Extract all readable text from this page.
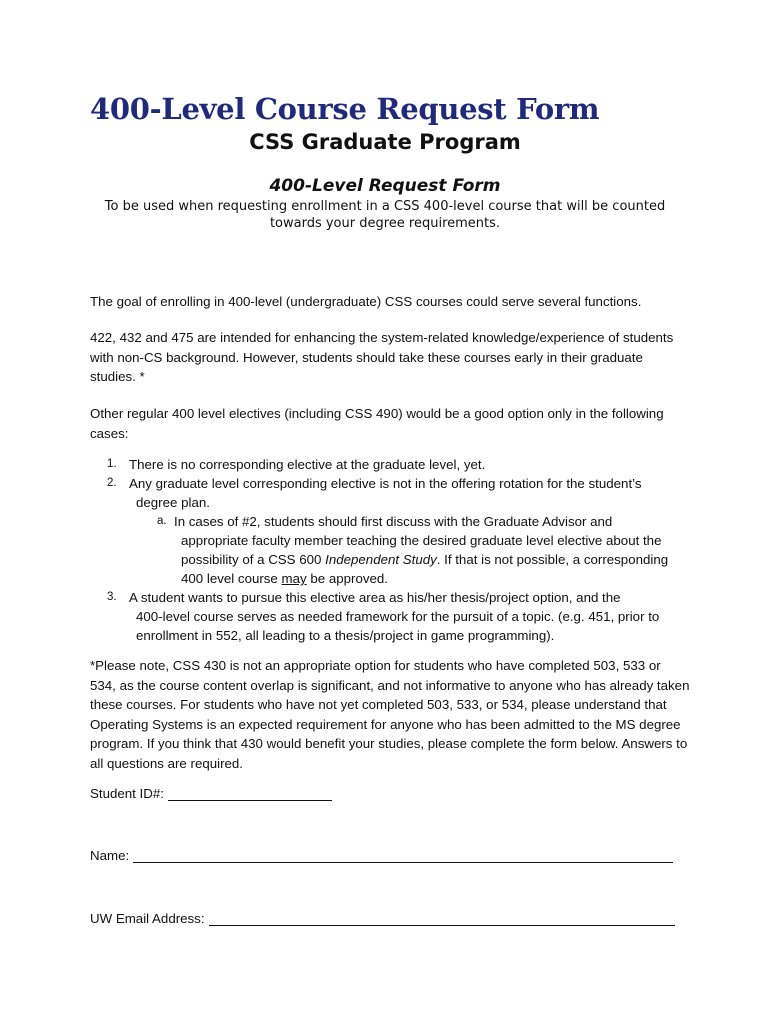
400-Level Course Request Form
CSS Graduate Program
400-Level Request Form

To be used when requesting enrollment in a CSS 400-level course that will be counted towards your degree requirements.

The goal of enrolling in 400-level (undergraduate) CSS courses could serve several functions.

422, 432 and 475 are intended for enhancing the system-related knowledge/experience of students with non-CS background. However, students should take these courses early in their graduate studies. *

Other regular 400 level electives (including CSS 490) would be a good option only in the following cases:

1. There is no corresponding elective at the graduate level, yet.
2. Any graduate level corresponding elective is not in the offering rotation for the student’s
degree plan.
a. In cases of #2, students should first discuss with the Graduate Advisor and
appropriate faculty member teaching the desired graduate level elective about the possibility of a CSS 600 Independent Study. If that is not possible, a corresponding 400 level course may be approved.
3. A student wants to pursue this elective area as his/her thesis/project option, and the
400-level course serves as needed framework for the pursuit of a topic. (e.g. 451, prior to enrollment in 552, all leading to a thesis/project in game programming).

*Please note, CSS 430 is not an appropriate option for students who have completed 503, 533 or 534, as the course content overlap is significant, and not informative to anyone who has already taken these courses. For students who have not yet completed 503, 533, or 534, please understand that Operating Systems is an expected requirement for anyone who has been admitted to the MS degree program. If you think that 430 would benefit your studies, please complete the form below. Answers to all questions are required.

Student ID#:
Name:
UW Email Address:
